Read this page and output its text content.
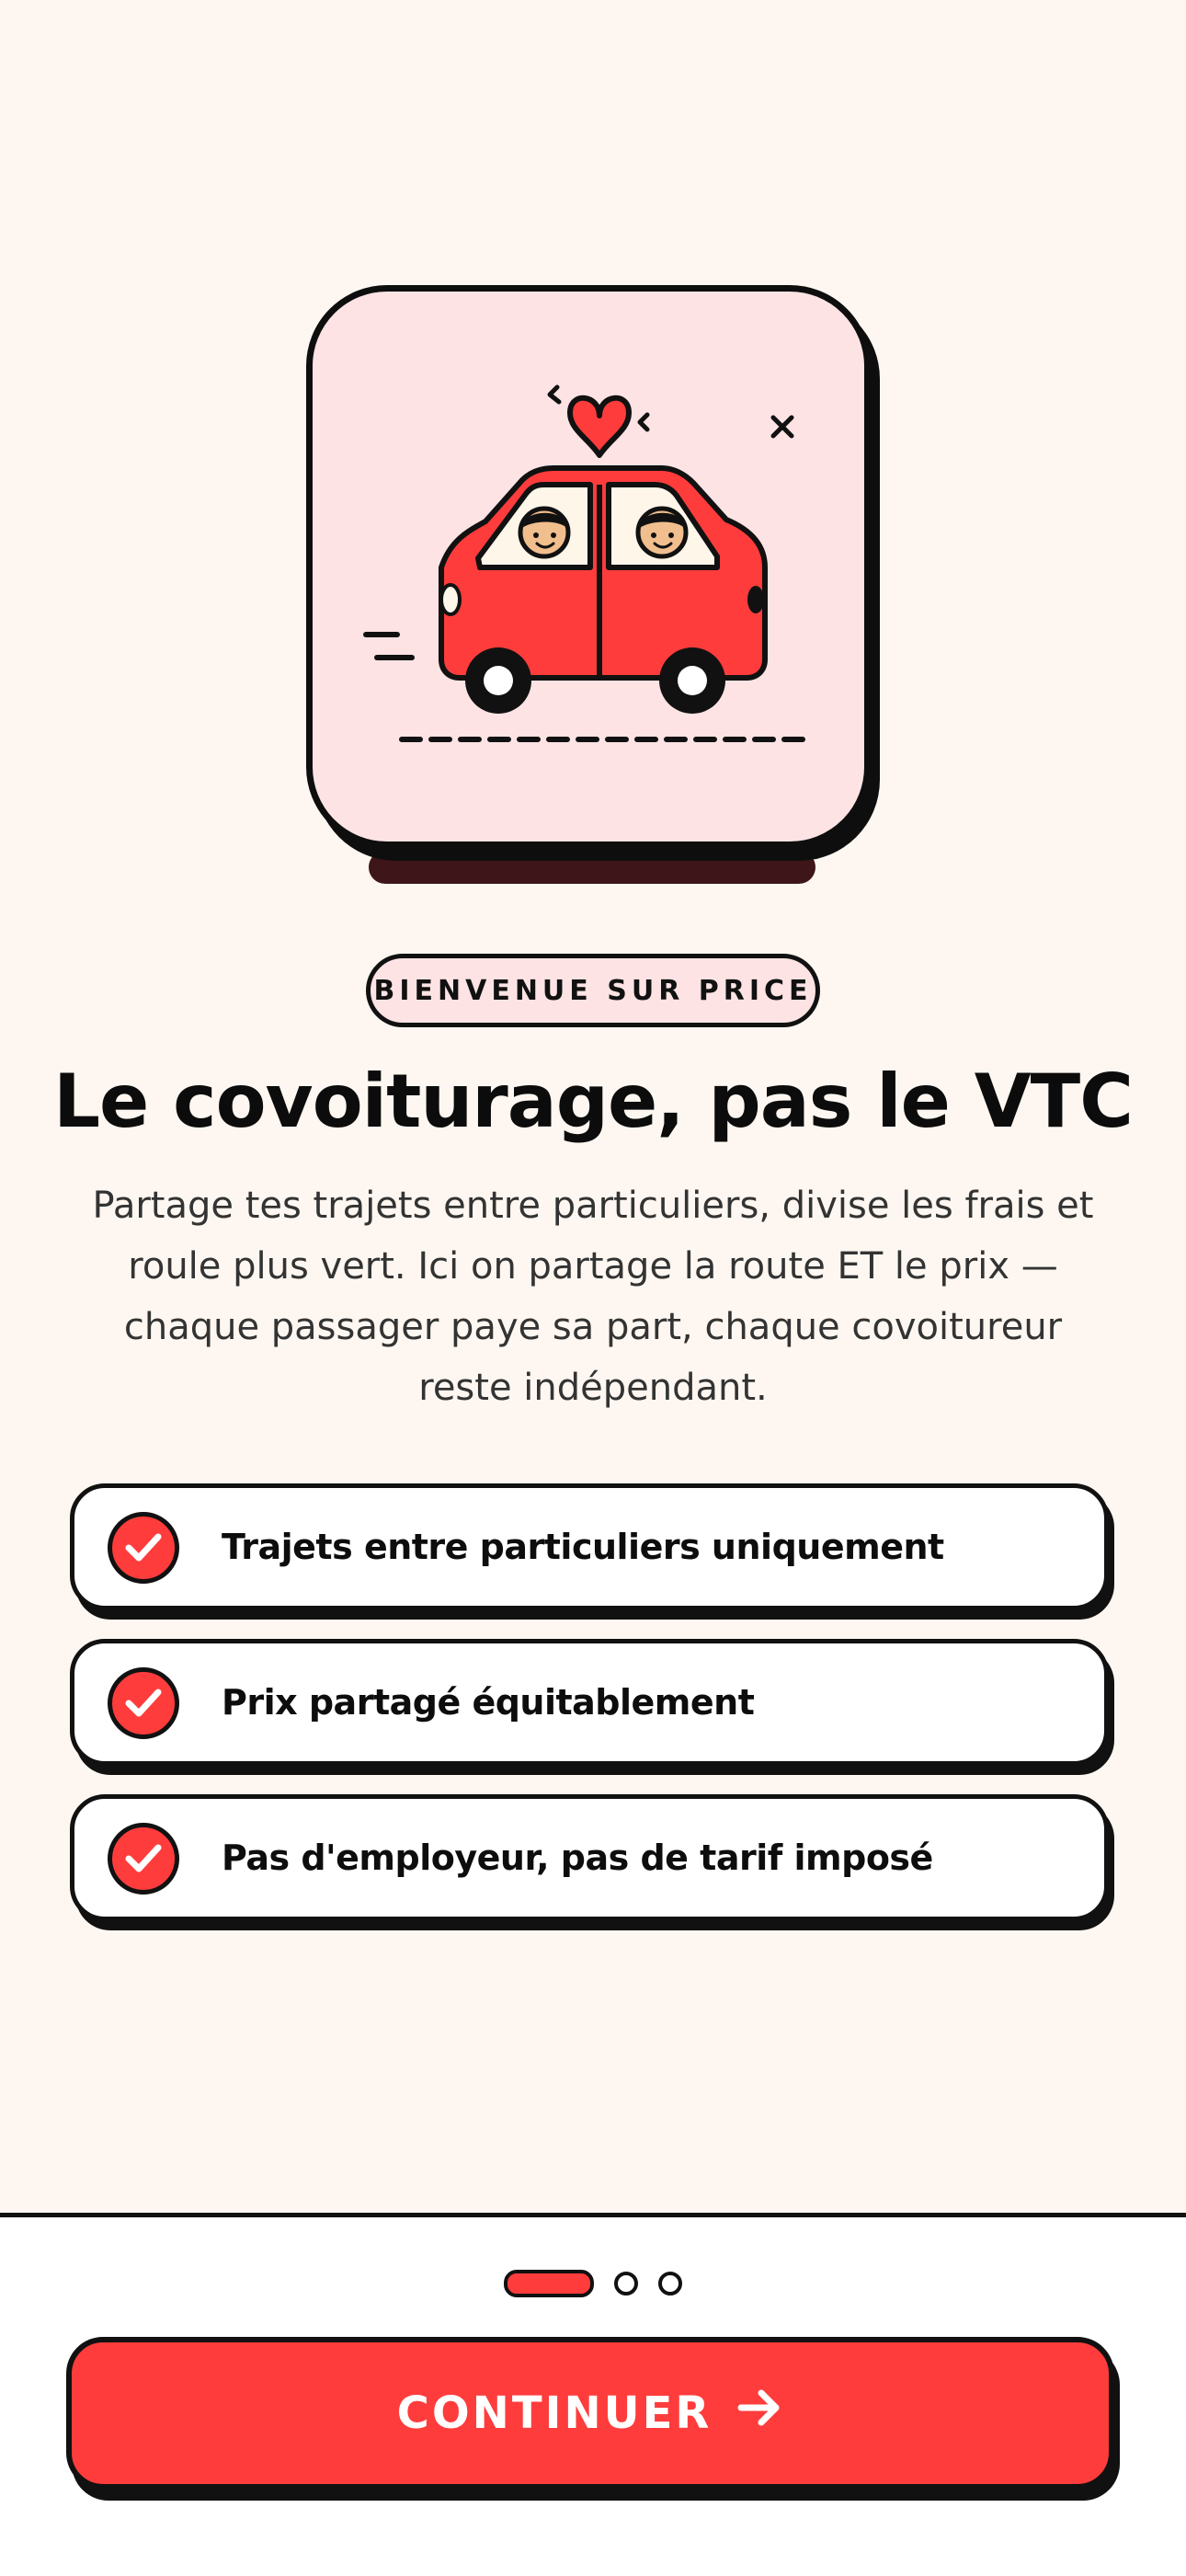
BIENVENUE SUR PRICE
Le covoiturage, pas le VTC
Partage tes trajets entre particuliers, divise les frais et roule plus vert. Ici on partage la route ET le prix — chaque passager paye sa part, chaque covoitureur reste indépendant.
Trajets entre particuliers uniquement
Prix partagé équitablement
Pas d'employeur, pas de tarif imposé
CONTINUER
